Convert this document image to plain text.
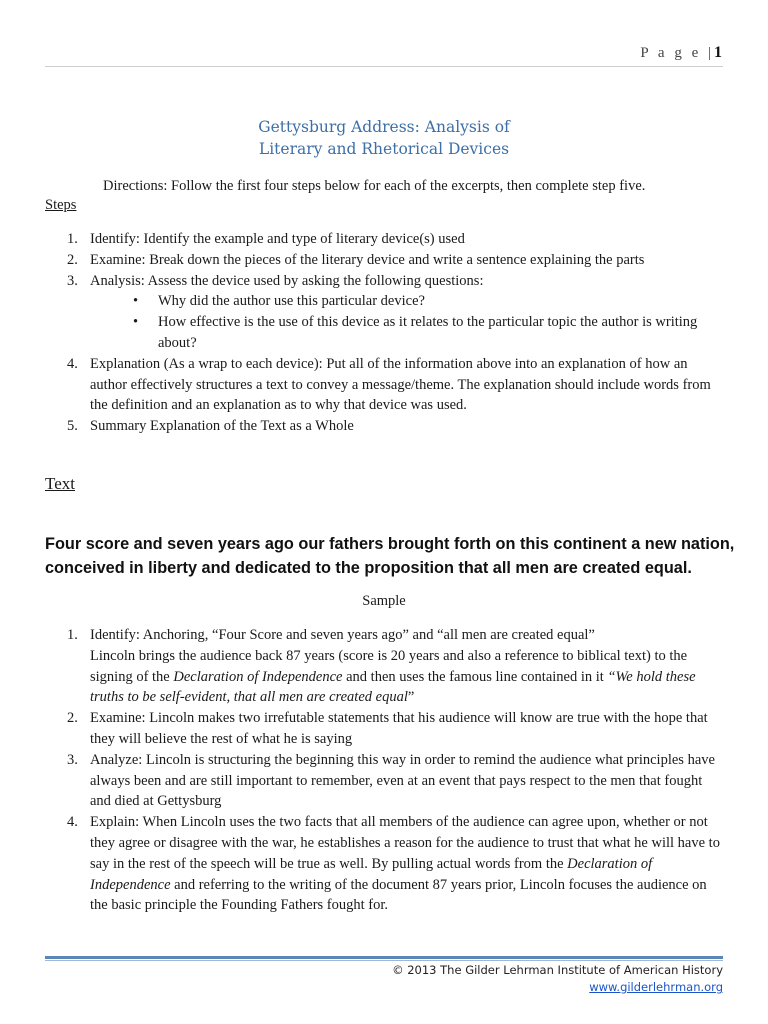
P a g e |1
Gettysburg Address: Analysis of
Literary and Rhetorical Devices
Directions: Follow the first four steps below for each of the excerpts, then complete step five.
Steps
1. Identify: Identify the example and type of literary device(s) used
2. Examine: Break down the pieces of the literary device and write a sentence explaining the parts
3. Analysis: Assess the device used by asking the following questions:
• Why did the author use this particular device?
• How effective is the use of this device as it relates to the particular topic the author is writing about?
4. Explanation (As a wrap to each device): Put all of the information above into an explanation of how an author effectively structures a text to convey a message/theme. The explanation should include words from the definition and an explanation as to why that device was used.
5. Summary Explanation of the Text as a Whole
Text
Four score and seven years ago our fathers brought forth on this continent a new nation, conceived in liberty and dedicated to the proposition that all men are created equal.
Sample
1. Identify: Anchoring, “Four Score and seven years ago” and “all men are created equal”
Lincoln brings the audience back 87 years (score is 20 years and also a reference to biblical text) to the signing of the Declaration of Independence and then uses the famous line contained in it “We hold these truths to be self-evident, that all men are created equal”
2. Examine: Lincoln makes two irrefutable statements that his audience will know are true with the hope that they will believe the rest of what he is saying
3. Analyze: Lincoln is structuring the beginning this way in order to remind the audience what principles have always been and are still important to remember, even at an event that pays respect to the men that fought and died at Gettysburg
4. Explain: When Lincoln uses the two facts that all members of the audience can agree upon, whether or not they agree or disagree with the war, he establishes a reason for the audience to trust that what he will have to say in the rest of the speech will be true as well. By pulling actual words from the Declaration of Independence and referring to the writing of the document 87 years prior, Lincoln focuses the audience on the basic principle the Founding Fathers fought for.
© 2013 The Gilder Lehrman Institute of American History
www.gilderlehrman.org
